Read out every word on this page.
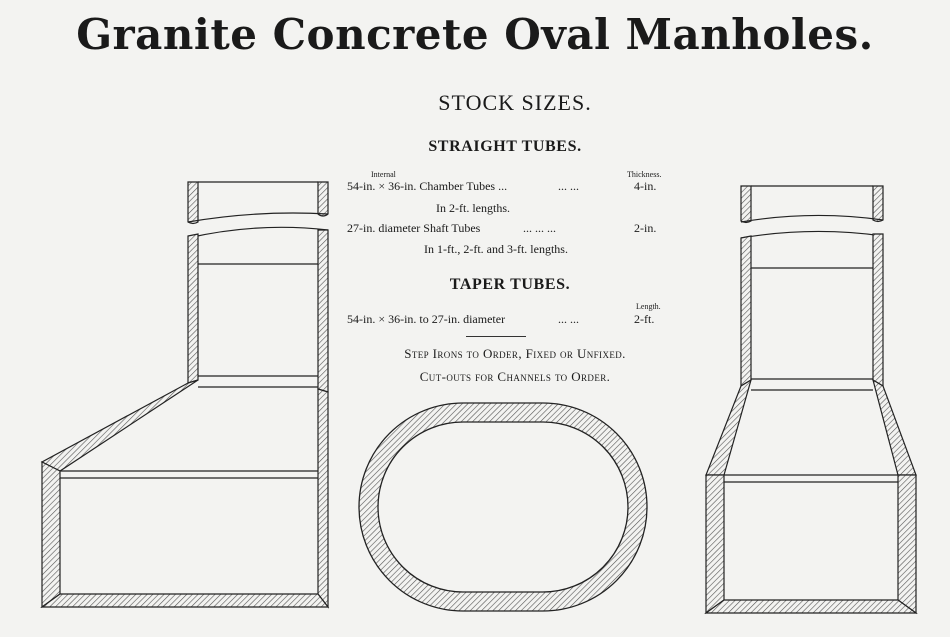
Granite Concrete Oval Manholes.
STOCK SIZES.
STRAIGHT TUBES.
Internal	Thickness.
54-in. × 36-in. Chamber Tubes ...	... ...	4-in.
In 2-ft. lengths.
27-in. diameter Shaft Tubes	... ... ...	2-in.
In 1-ft., 2-ft. and 3-ft. lengths.
TAPER TUBES.
Length.
54-in. × 36-in. to 27-in. diameter	... ...	2-ft.
Step Irons to Order, Fixed or Unfixed.
Cut-outs for Channels to Order.
